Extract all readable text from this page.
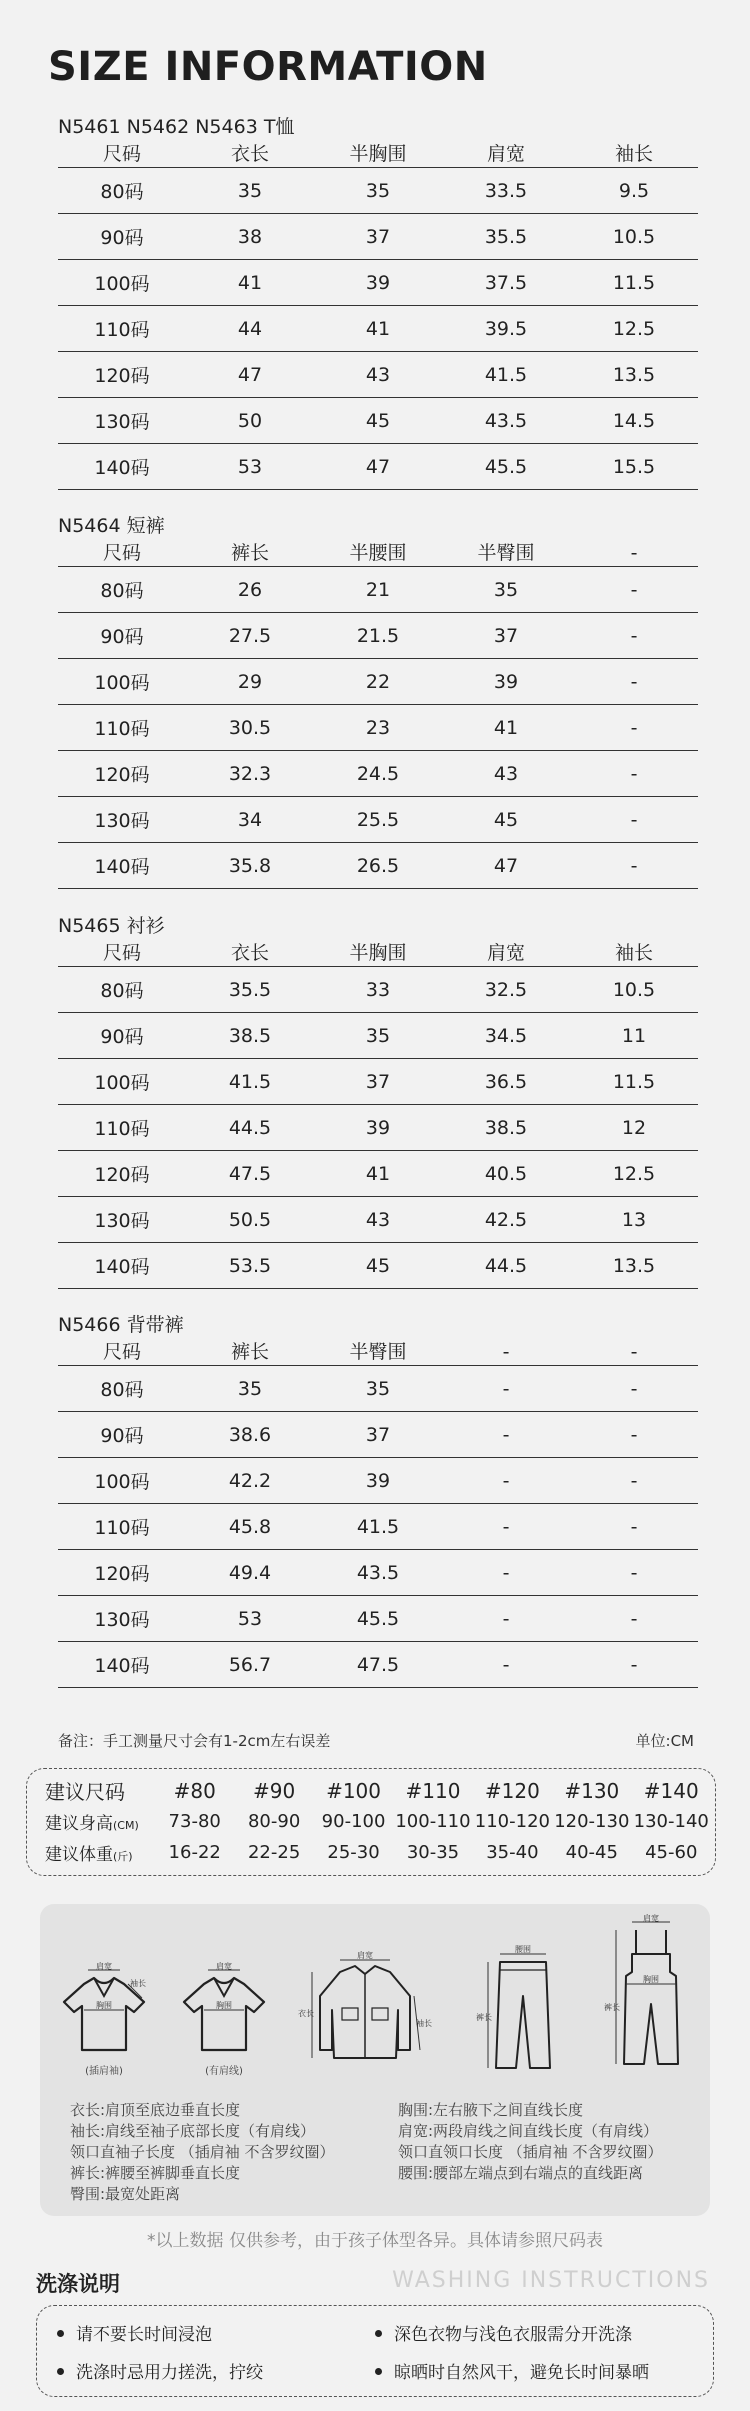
SIZE INFORMATION
N5461 N5462 N5463 T恤
尺码	衣长	半胸围	肩宽	袖长
80码	35	35	33.5	9.5
90码	38	37	35.5	10.5
100码	41	39	37.5	11.5
110码	44	41	39.5	12.5
120码	47	43	41.5	13.5
130码	50	45	43.5	14.5
140码	53	47	45.5	15.5
N5464 短裤
尺码	裤长	半腰围	半臀围	-
80码	26	21	35	-
90码	27.5	21.5	37	-
100码	29	22	39	-
110码	30.5	23	41	-
120码	32.3	24.5	43	-
130码	34	25.5	45	-
140码	35.8	26.5	47	-
N5465 衬衫
尺码	衣长	半胸围	肩宽	袖长
80码	35.5	33	32.5	10.5
90码	38.5	35	34.5	11
100码	41.5	37	36.5	11.5
110码	44.5	39	38.5	12
120码	47.5	41	40.5	12.5
130码	50.5	43	42.5	13
140码	53.5	45	44.5	13.5
N5466 背带裤
尺码	裤长	半臀围	-	-
80码	35	35	-	-
90码	38.6	37	-	-
100码	42.2	39	-	-
110码	45.8	41.5	-	-
120码	49.4	43.5	-	-
130码	53	45.5	-	-
140码	56.7	47.5	-	-
备注：手工测量尺寸会有1-2cm左右误差	单位:CM
建议尺码	#80	#90	#100	#110	#120	#130	#140
建议身高(CM)	73-80	80-90	90-100	100-110	110-120	120-130	130-140
建议体重(斤)	16-22	22-25	25-30	30-35	35-40	40-45	45-60
肩宽
胸围
袖长
(插肩袖)
肩宽
胸围
(有肩线)
肩宽
衣长
袖长
腰围
裤长
肩宽
裤长
胸围
衣长:肩顶至底边垂直长度
袖长:肩线至袖子底部长度（有肩线）
领口直袖子长度 （插肩袖 不含罗纹圈）
裤长:裤腰至裤脚垂直长度
臀围:最宽处距离
胸围:左右腋下之间直线长度
肩宽:两段肩线之间直线长度（有肩线）
领口直领口长度 （插肩袖 不含罗纹圈）
腰围:腰部左端点到右端点的直线距离
*以上数据 仅供参考，由于孩子体型各异。具体请参照尺码表
洗涤说明	WASHING INSTRUCTIONS
请不要长时间浸泡	深色衣物与浅色衣服需分开洗涤
洗涤时忌用力搓洗，拧绞	晾晒时自然风干，避免长时间暴晒
